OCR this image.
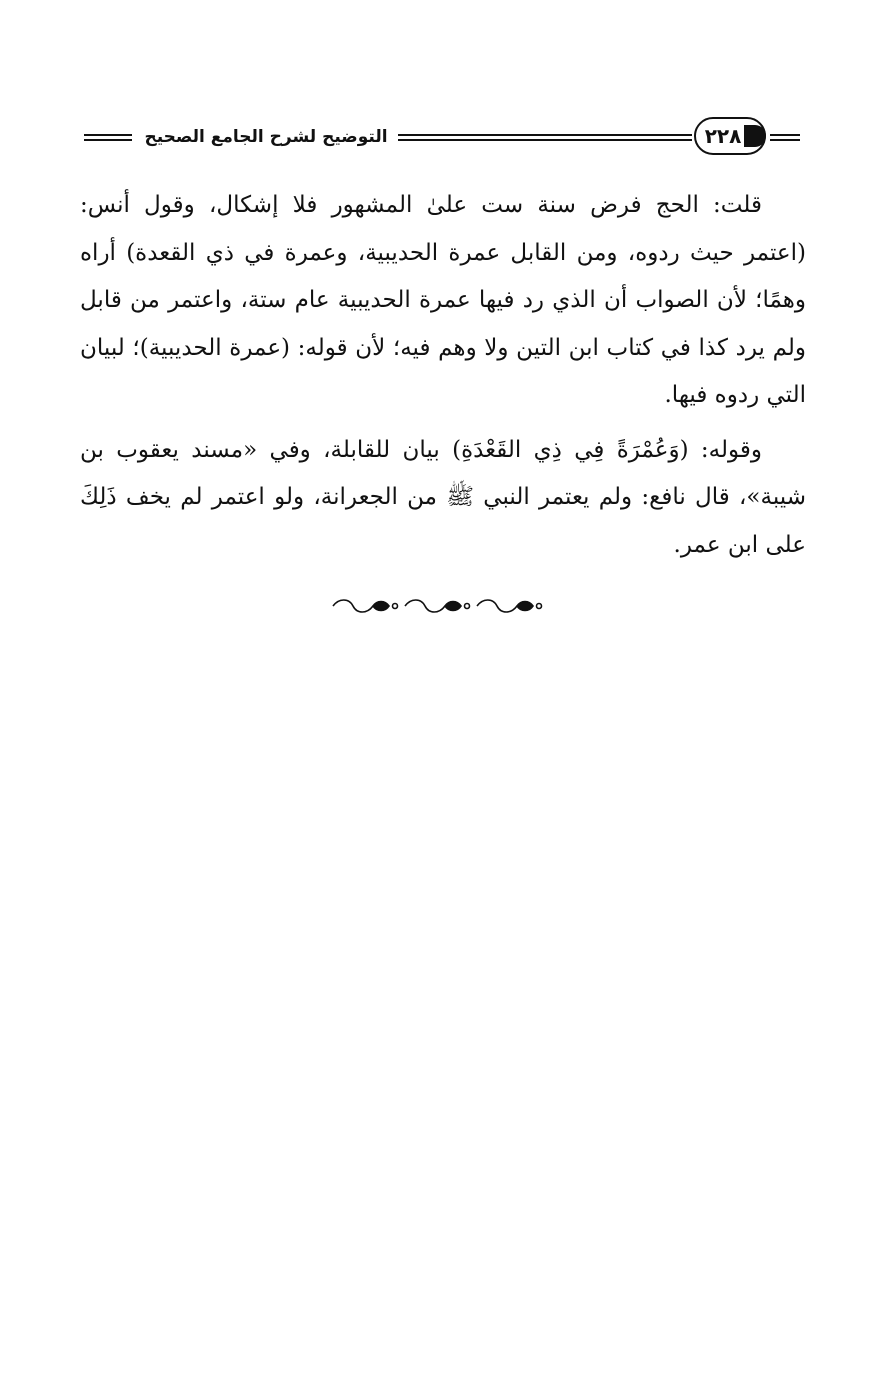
التوضيح لشرح الجامع الصحيح	٢٢٨

قلت: الحج فرض سنة ست علىٰ المشهور فلا إشكال، وقول أنس: (اعتمر حيث ردوه، ومن القابل عمرة الحديبية، وعمرة في ذي القعدة) أراه وهمًا؛ لأن الصواب أن الذي رد فيها عمرة الحديبية عام ستة، واعتمر من قابل ولم يرد كذا في كتاب ابن التين ولا وهم فيه؛ لأن قوله: (عمرة الحديبية)؛ لبيان التي ردوه فيها.

وقوله: (وَعُمْرَةً فِي ذِي القَعْدَةِ) بيان للقابلة، وفي «مسند يعقوب بن شيبة»، قال نافع: ولم يعتمر النبي ﷺ من الجعرانة، ولو اعتمر لم يخف ذَلِكَ على ابن عمر.
